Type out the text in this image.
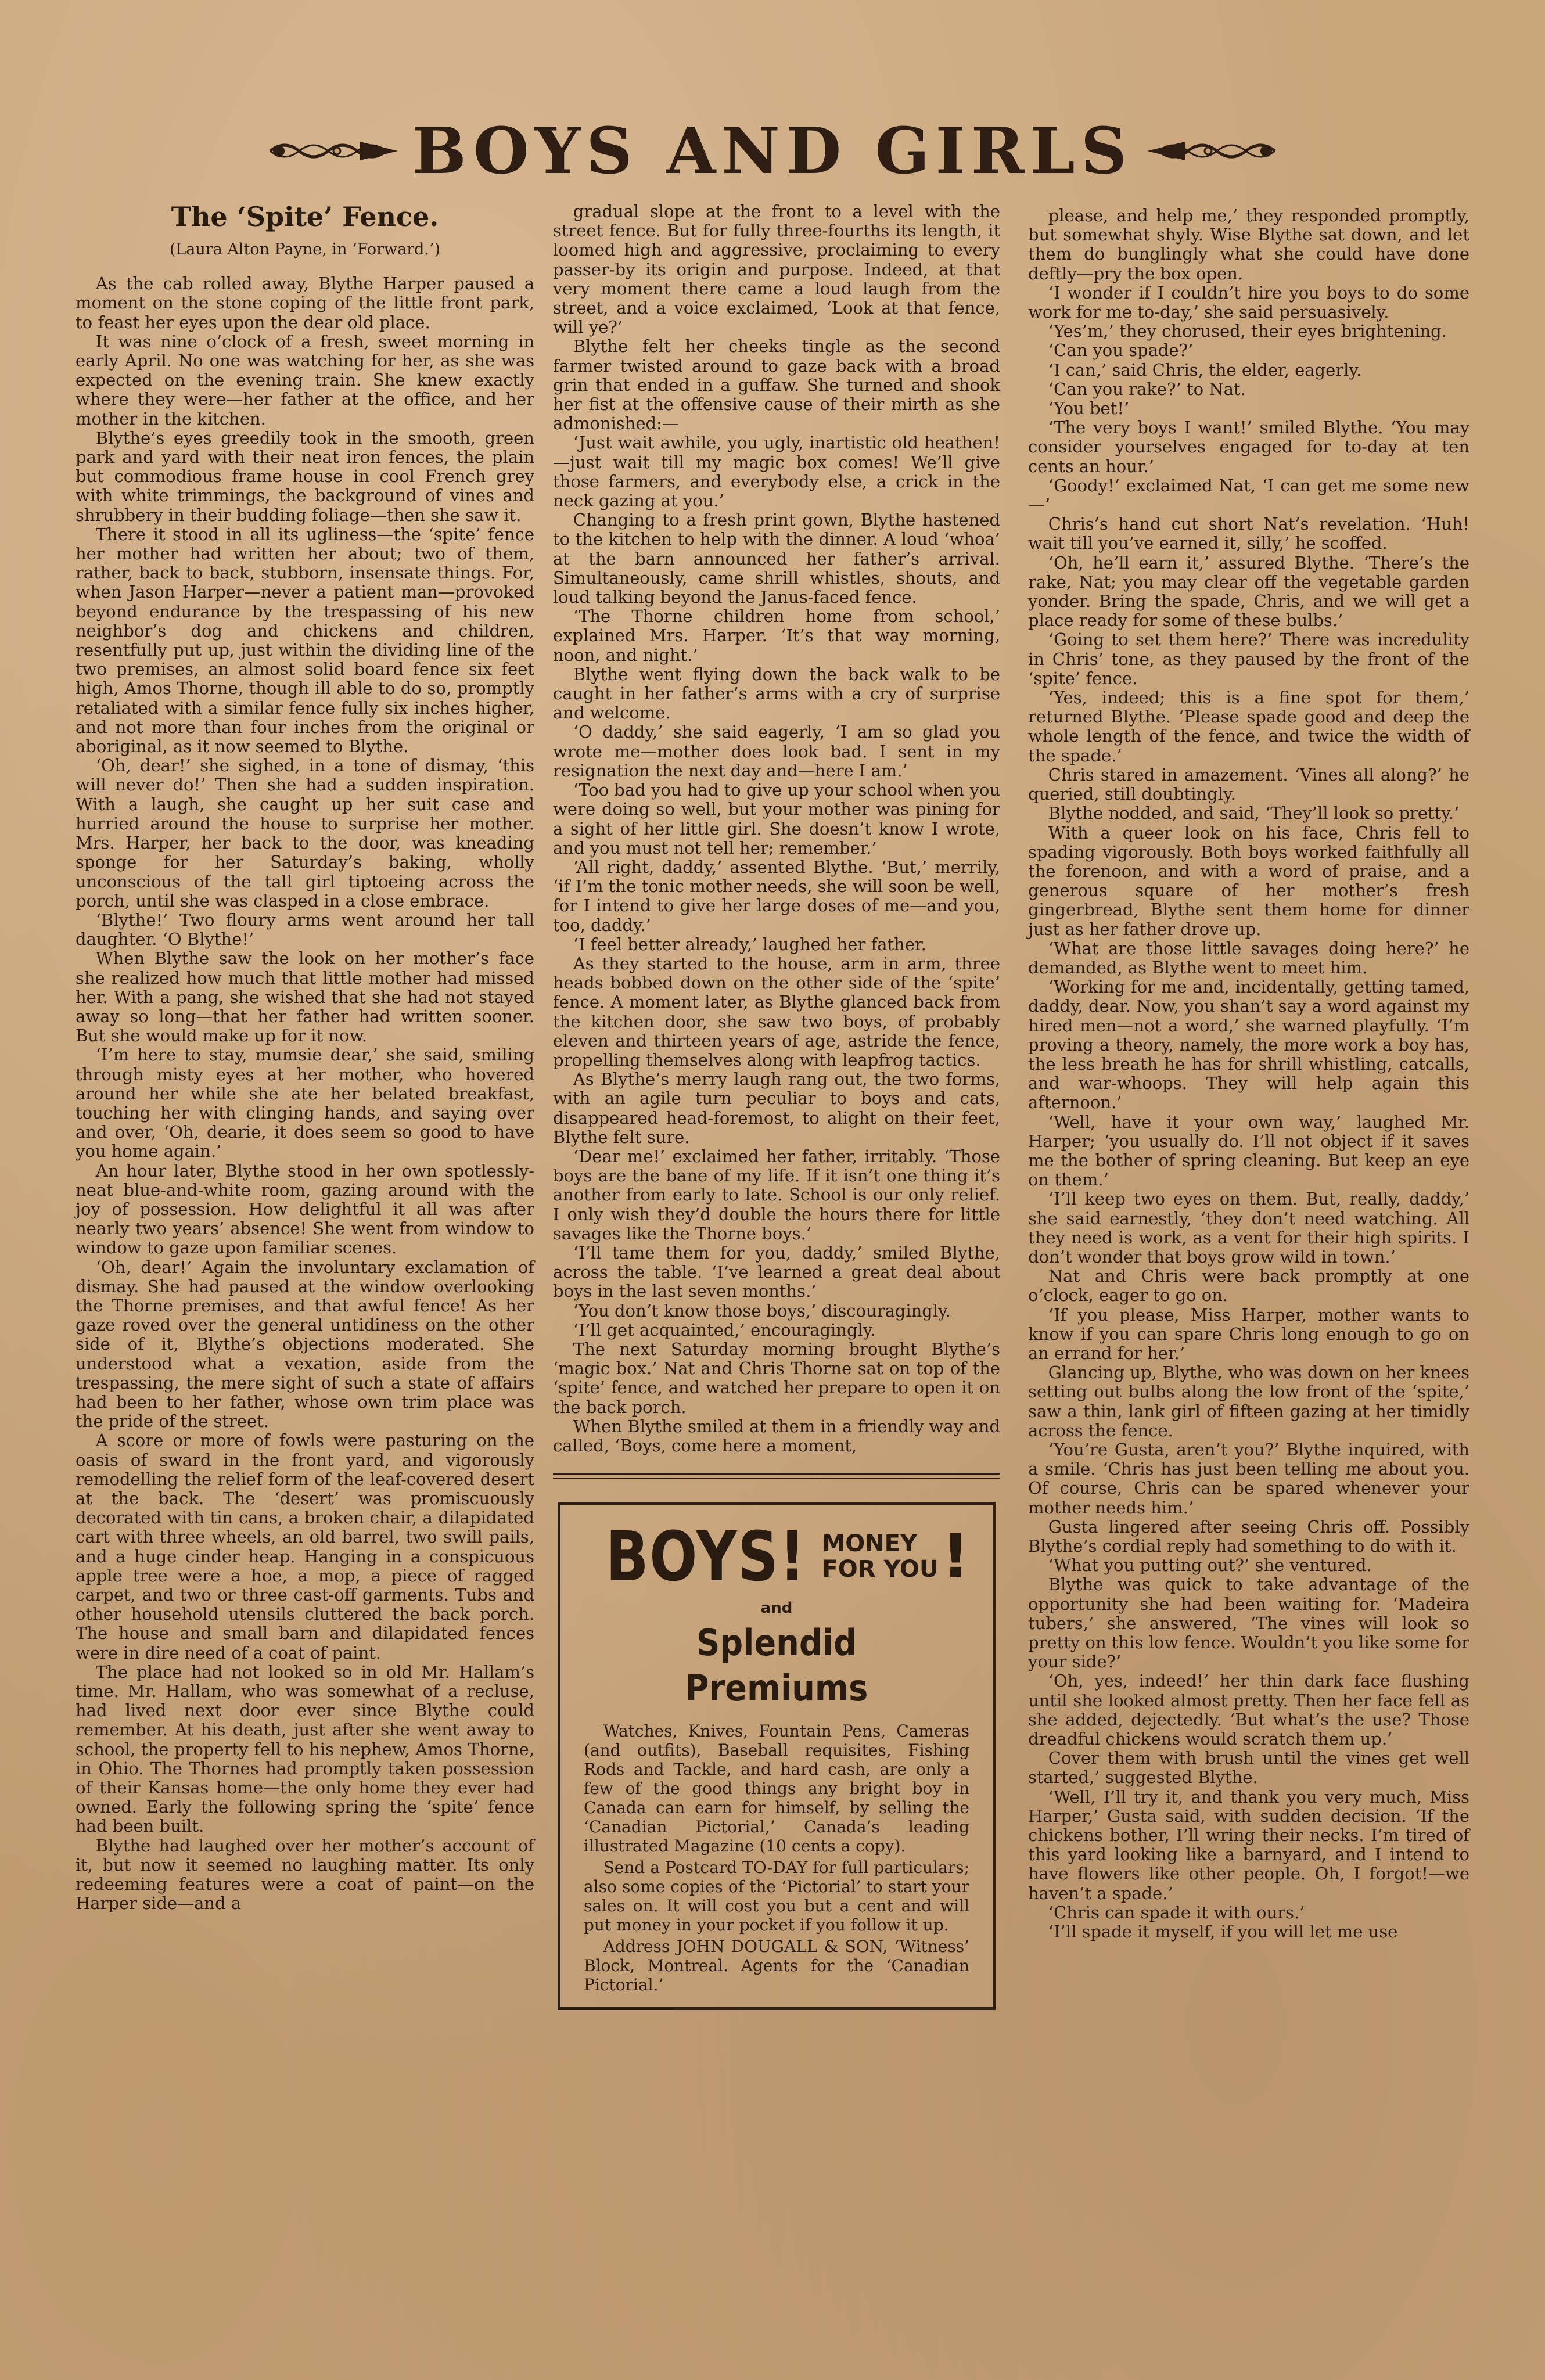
BOYS AND GIRLS
The ‘Spite’ Fence.
(Laura Alton Payne, in ‘Forward.’)

As the cab rolled away, Blythe Harper paused a moment on the stone coping of the little front park, to feast her eyes upon the dear old place.

It was nine o’clock of a fresh, sweet morning in early April. No one was watching for her, as she was expected on the evening train. She knew exactly where they were—her father at the office, and her mother in the kitchen.

Blythe’s eyes greedily took in the smooth, green park and yard with their neat iron fences, the plain but commodious frame house in cool French grey with white trimmings, the background of vines and shrubbery in their budding foliage—then she saw it.

There it stood in all its ugliness—the ‘spite’ fence her mother had written her about; two of them, rather, back to back, stubborn, insensate things. For, when Jason Harper—never a patient man—provoked beyond endurance by the trespassing of his new neighbor’s dog and chickens and children, resentfully put up, just within the dividing line of the two premises, an almost solid board fence six feet high, Amos Thorne, though ill able to do so, promptly retaliated with a similar fence fully six inches higher, and not more than four inches from the original or aboriginal, as it now seemed to Blythe.

‘Oh, dear!’ she sighed, in a tone of dismay, ‘this will never do!’ Then she had a sudden inspiration. With a laugh, she caught up her suit case and hurried around the house to surprise her mother. Mrs. Harper, her back to the door, was kneading sponge for her Saturday’s baking, wholly unconscious of the tall girl tiptoeing across the porch, until she was clasped in a close embrace.

‘Blythe!’ Two floury arms went around her tall daughter. ‘O Blythe!’

When Blythe saw the look on her mother’s face she realized how much that little mother had missed her. With a pang, she wished that she had not stayed away so long—that her father had written sooner. But she would make up for it now.

‘I’m here to stay, mumsie dear,’ she said, smiling through misty eyes at her mother, who hovered around her while she ate her belated breakfast, touching her with clinging hands, and saying over and over, ‘Oh, dearie, it does seem so good to have you home again.’

An hour later, Blythe stood in her own spotlessly-neat blue-and-white room, gazing around with the joy of possession. How delightful it all was after nearly two years’ absence! She went from window to window to gaze upon familiar scenes.

‘Oh, dear!’ Again the involuntary exclamation of dismay. She had paused at the window overlooking the Thorne premises, and that awful fence! As her gaze roved over the general untidiness on the other side of it, Blythe’s objections moderated. She understood what a vexation, aside from the trespassing, the mere sight of such a state of affairs had been to her father, whose own trim place was the pride of the street.

A score or more of fowls were pasturing on the oasis of sward in the front yard, and vigorously remodelling the relief form of the leaf-covered desert at the back. The ‘desert’ was promiscuously decorated with tin cans, a broken chair, a dilapidated cart with three wheels, an old barrel, two swill pails, and a huge cinder heap. Hanging in a conspicuous apple tree were a hoe, a mop, a piece of ragged carpet, and two or three cast-off garments. Tubs and other household utensils cluttered the back porch. The house and small barn and dilapidated fences were in dire need of a coat of paint.

The place had not looked so in old Mr. Hallam’s time. Mr. Hallam, who was somewhat of a recluse, had lived next door ever since Blythe could remember. At his death, just after she went away to school, the property fell to his nephew, Amos Thorne, in Ohio. The Thornes had promptly taken possession of their Kansas home—the only home they ever had owned. Early the following spring the ‘spite’ fence had been built.

Blythe had laughed over her mother’s account of it, but now it seemed no laughing matter. Its only redeeming features were a coat of paint—on the Harper side—and a

gradual slope at the front to a level with the street fence. But for fully three-fourths its length, it loomed high and aggressive, proclaiming to every passer-by its origin and purpose. Indeed, at that very moment there came a loud laugh from the street, and a voice exclaimed, ‘Look at that fence, will ye?’

Blythe felt her cheeks tingle as the second farmer twisted around to gaze back with a broad grin that ended in a guffaw. She turned and shook her fist at the offensive cause of their mirth as she admonished:—

‘Just wait awhile, you ugly, inartistic old heathen!—just wait till my magic box comes! We’ll give those farmers, and everybody else, a crick in the neck gazing at you.’

Changing to a fresh print gown, Blythe hastened to the kitchen to help with the dinner. A loud ‘whoa’ at the barn announced her father’s arrival. Simultaneously, came shrill whistles, shouts, and loud talking beyond the Janus-faced fence.

‘The Thorne children home from school,’ explained Mrs. Harper. ‘It’s that way morning, noon, and night.’

Blythe went flying down the back walk to be caught in her father’s arms with a cry of surprise and welcome.

‘O daddy,’ she said eagerly, ‘I am so glad you wrote me—mother does look bad. I sent in my resignation the next day and—here I am.’

‘Too bad you had to give up your school when you were doing so well, but your mother was pining for a sight of her little girl. She doesn’t know I wrote, and you must not tell her; remember.’

‘All right, daddy,’ assented Blythe. ‘But,’ merrily, ‘if I’m the tonic mother needs, she will soon be well, for I intend to give her large doses of me—and you, too, daddy.’

‘I feel better already,’ laughed her father.

As they started to the house, arm in arm, three heads bobbed down on the other side of the ‘spite’ fence. A moment later, as Blythe glanced back from the kitchen door, she saw two boys, of probably eleven and thirteen years of age, astride the fence, propelling themselves along with leapfrog tactics.

As Blythe’s merry laugh rang out, the two forms, with an agile turn peculiar to boys and cats, disappeared head-foremost, to alight on their feet, Blythe felt sure.

‘Dear me!’ exclaimed her father, irritably. ‘Those boys are the bane of my life. If it isn’t one thing it’s another from early to late. School is our only relief. I only wish they’d double the hours there for little savages like the Thorne boys.’

‘I’ll tame them for you, daddy,’ smiled Blythe, across the table. ‘I’ve learned a great deal about boys in the last seven months.’

‘You don’t know those boys,’ discouragingly.

‘I’ll get acquainted,’ encouragingly.

The next Saturday morning brought Blythe’s ‘magic box.’ Nat and Chris Thorne sat on top of the ‘spite’ fence, and watched her prepare to open it on the back porch.

When Blythe smiled at them in a friendly way and called, ‘Boys, come here a moment,

BOYS! MONEY
FOR YOU !
and
Splendid Premiums

Watches, Knives, Fountain Pens, Cameras (and outfits), Baseball requisites, Fishing Rods and Tackle, and hard cash, are only a few of the good things any bright boy in Canada can earn for himself, by selling the ‘Canadian Pictorial,’ Canada’s leading illustrated Magazine (10 cents a copy).

Send a Postcard TO-DAY for full particulars; also some copies of the ‘Pictorial’ to start your sales on. It will cost you but a cent and will put money in your pocket if you follow it up.

Address JOHN DOUGALL & SON, ‘Witness’ Block, Montreal. Agents for the ‘Canadian Pictorial.’

please, and help me,’ they responded promptly, but somewhat shyly. Wise Blythe sat down, and let them do bunglingly what she could have done deftly—pry the box open.

‘I wonder if I couldn’t hire you boys to do some work for me to-day,’ she said persuasively.

‘Yes’m,’ they chorused, their eyes brightening.

‘Can you spade?’

‘I can,’ said Chris, the elder, eagerly.

‘Can you rake?’ to Nat.

‘You bet!’

‘The very boys I want!’ smiled Blythe. ‘You may consider yourselves engaged for to-day at ten cents an hour.’

‘Goody!’ exclaimed Nat, ‘I can get me some new—’

Chris’s hand cut short Nat’s revelation. ‘Huh! wait till you’ve earned it, silly,’ he scoffed.

‘Oh, he’ll earn it,’ assured Blythe. ‘There’s the rake, Nat; you may clear off the vegetable garden yonder. Bring the spade, Chris, and we will get a place ready for some of these bulbs.’

‘Going to set them here?’ There was incredulity in Chris’ tone, as they paused by the front of the ‘spite’ fence.

‘Yes, indeed; this is a fine spot for them,’ returned Blythe. ‘Please spade good and deep the whole length of the fence, and twice the width of the spade.’

Chris stared in amazement. ‘Vines all along?’ he queried, still doubtingly.

Blythe nodded, and said, ‘They’ll look so pretty.’

With a queer look on his face, Chris fell to spading vigorously. Both boys worked faithfully all the forenoon, and with a word of praise, and a generous square of her mother’s fresh gingerbread, Blythe sent them home for dinner just as her father drove up.

‘What are those little savages doing here?’ he demanded, as Blythe went to meet him.

‘Working for me and, incidentally, getting tamed, daddy, dear. Now, you shan’t say a word against my hired men—not a word,’ she warned playfully. ‘I’m proving a theory, namely, the more work a boy has, the less breath he has for shrill whistling, catcalls, and war-whoops. They will help again this afternoon.’

‘Well, have it your own way,’ laughed Mr. Harper; ‘you usually do. I’ll not object if it saves me the bother of spring cleaning. But keep an eye on them.’

‘I’ll keep two eyes on them. But, really, daddy,’ she said earnestly, ‘they don’t need watching. All they need is work, as a vent for their high spirits. I don’t wonder that boys grow wild in town.’

Nat and Chris were back promptly at one o’clock, eager to go on.

‘If you please, Miss Harper, mother wants to know if you can spare Chris long enough to go on an errand for her.’

Glancing up, Blythe, who was down on her knees setting out bulbs along the low front of the ‘spite,’ saw a thin, lank girl of fifteen gazing at her timidly across the fence.

‘You’re Gusta, aren’t you?’ Blythe inquired, with a smile. ‘Chris has just been telling me about you. Of course, Chris can be spared whenever your mother needs him.’

Gusta lingered after seeing Chris off. Possibly Blythe’s cordial reply had something to do with it.

‘What you putting out?’ she ventured.

Blythe was quick to take advantage of the opportunity she had been waiting for. ‘Madeira tubers,’ she answered, ‘The vines will look so pretty on this low fence. Wouldn’t you like some for your side?’

‘Oh, yes, indeed!’ her thin dark face flushing until she looked almost pretty. Then her face fell as she added, dejectedly. ‘But what’s the use? Those dreadful chickens would scratch them up.’

Cover them with brush until the vines get well started,’ suggested Blythe.

‘Well, I’ll try it, and thank you very much, Miss Harper,’ Gusta said, with sudden decision. ‘If the chickens bother, I’ll wring their necks. I’m tired of this yard looking like a barnyard, and I intend to have flowers like other people. Oh, I forgot!—we haven’t a spade.’

‘Chris can spade it with ours.’

‘I’ll spade it myself, if you will let me use
